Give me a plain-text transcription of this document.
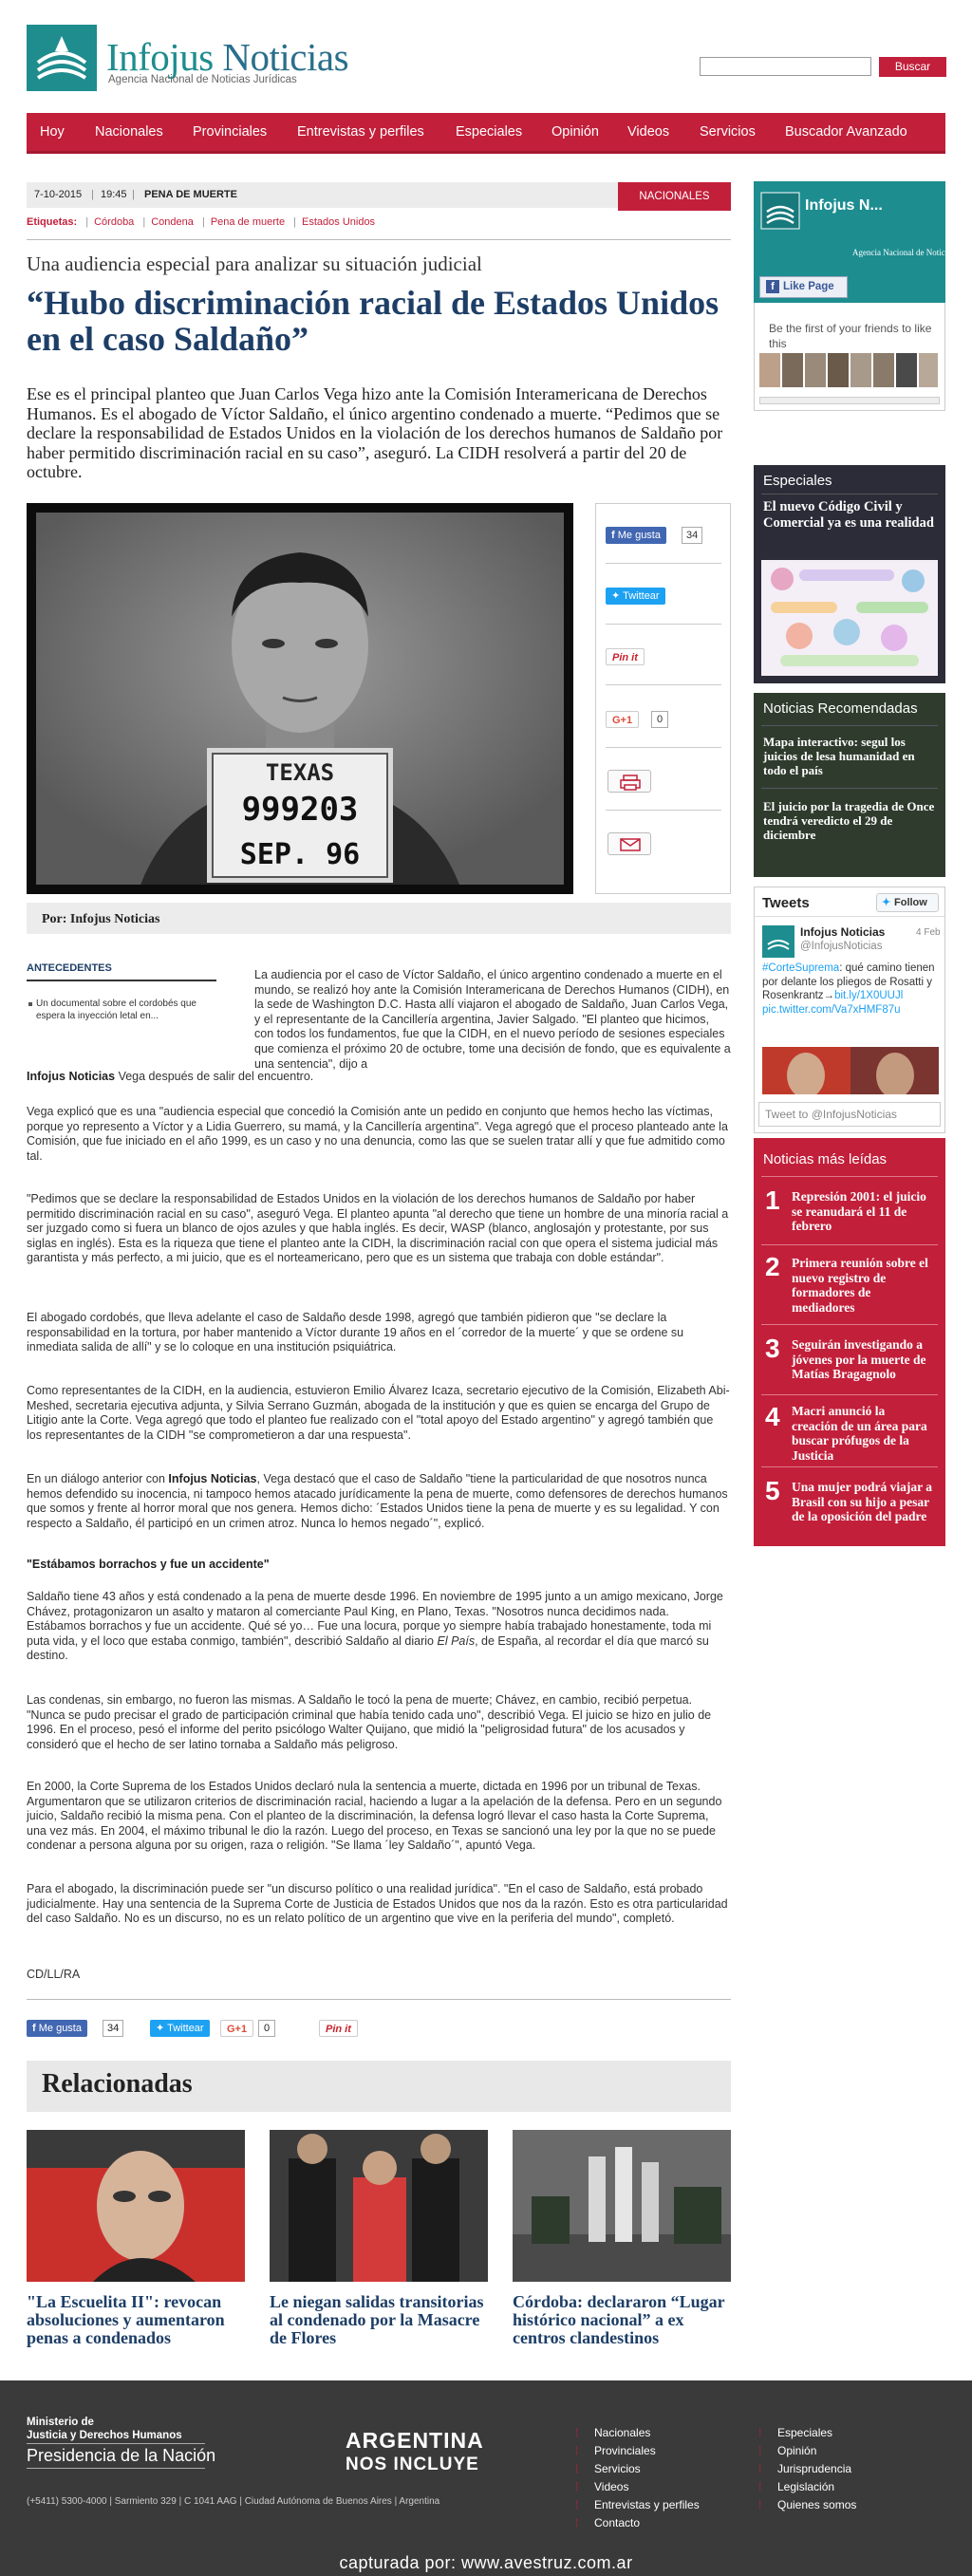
Infojus Noticias
Agencia Nacional de Noticias Jurídicas
Buscar
Hoy Nacionales Provinciales Entrevistas y perfiles Especiales Opinión Videos Servicios Buscador Avanzado
7-10-2015 | 19:45 | PENA DE MUERTE	NACIONALES
Etiquetas: | Córdoba | Condena | Pena de muerte | Estados Unidos
Una audiencia especial para analizar su situación judicial
“Hubo discriminación racial de Estados Unidos en el caso Saldaño”
Ese es el principal planteo que Juan Carlos Vega hizo ante la Comisión Interamericana de Derechos Humanos. Es el abogado de Víctor Saldaño, el único argentino condenado a muerte. “Pedimos que se declare la responsabilidad de Estados Unidos en la violación de los derechos humanos de Saldaño por haber permitido discriminación racial en su caso”, aseguró. La CIDH resolverá a partir del 20 de octubre.
TEXAS
999203
SEP. 96
f Me gusta	34
✦ Twittear
Pin it
G+1	0
Por: Infojus Noticias
ANTECEDENTES
Un documental sobre el cordobés que espera la inyección letal en...
La audiencia por el caso de Víctor Saldaño, el único argentino condenado a muerte en el mundo, se realizó hoy ante la Comisión Interamericana de Derechos Humanos (CIDH), en la sede de Washington D.C. Hasta allí viajaron el abogado de Saldaño, Juan Carlos Vega, y el representante de la Cancillería argentina, Javier Salgado. "El planteo que hicimos, con todos los fundamentos, fue que la CIDH, en el nuevo período de sesiones especiales que comienza el próximo 20 de octubre, tome una decisión de fondo, que es equivalente a una sentencia", dijo a
Infojus Noticias Vega después de salir del encuentro.
Vega explicó que es una "audiencia especial que concedió la Comisión ante un pedido en conjunto que hemos hecho las víctimas, porque yo represento a Víctor y a Lidia Guerrero, su mamá, y la Cancillería argentina". Vega agregó que el proceso planteado ante la Comisión, que fue iniciado en el año 1999, es un caso y no una denuncia, como las que se suelen tratar allí y que fue admitido como tal.
"Pedimos que se declare la responsabilidad de Estados Unidos en la violación de los derechos humanos de Saldaño por haber permitido discriminación racial en su caso", aseguró Vega. El planteo apunta "al derecho que tiene un hombre de una minoría racial a ser juzgado como si fuera un blanco de ojos azules y que habla inglés. Es decir, WASP (blanco, anglosajón y protestante, por sus siglas en inglés). Esta es la riqueza que tiene el planteo ante la CIDH, la discriminación racial con que opera el sistema judicial más garantista y más perfecto, a mi juicio, que es el norteamericano, pero que es un sistema que trabaja con doble estándar".
El abogado cordobés, que lleva adelante el caso de Saldaño desde 1998, agregó que también pidieron que "se declare la responsabilidad en la tortura, por haber mantenido a Víctor durante 19 años en el ´corredor de la muerte´ y que se ordene su inmediata salida de allí" y se lo coloque en una institución psiquiátrica.
Como representantes de la CIDH, en la audiencia, estuvieron Emilio Álvarez Icaza, secretario ejecutivo de la Comisión, Elizabeth Abi-Meshed, secretaria ejecutiva adjunta, y Silvia Serrano Guzmán, abogada de la institución y que es quien se encarga del Grupo de Litigio ante la Corte. Vega agregó que todo el planteo fue realizado con el "total apoyo del Estado argentino" y agregó también que los representantes de la CIDH "se comprometieron a dar una respuesta".
En un diálogo anterior con Infojus Noticias, Vega destacó que el caso de Saldaño "tiene la particularidad de que nosotros nunca hemos defendido su inocencia, ni tampoco hemos atacado jurídicamente la pena de muerte, como defensores de derechos humanos que somos y frente al horror moral que nos genera. Hemos dicho: ´Estados Unidos tiene la pena de muerte y es su legalidad. Y con respecto a Saldaño, él participó en un crimen atroz. Nunca lo hemos negado´", explicó.
"Estábamos borrachos y fue un accidente"
Saldaño tiene 43 años y está condenado a la pena de muerte desde 1996. En noviembre de 1995 junto a un amigo mexicano, Jorge Chávez, protagonizaron un asalto y mataron al comerciante Paul King, en Plano, Texas. "Nosotros nunca decidimos nada. Estábamos borrachos y fue un accidente. Qué sé yo… Fue una locura, porque yo siempre había trabajado honestamente, toda mi puta vida, y el loco que estaba conmigo, también", describió Saldaño al diario El País, de España, al recordar el día que marcó su destino.
Las condenas, sin embargo, no fueron las mismas. A Saldaño le tocó la pena de muerte; Chávez, en cambio, recibió perpetua. "Nunca se pudo precisar el grado de participación criminal que había tenido cada uno", describió Vega. El juicio se hizo en julio de 1996. En el proceso, pesó el informe del perito psicólogo Walter Quijano, que midió la "peligrosidad futura" de los acusados y consideró que el hecho de ser latino tornaba a Saldaño más peligroso.
En 2000, la Corte Suprema de los Estados Unidos declaró nula la sentencia a muerte, dictada en 1996 por un tribunal de Texas. Argumentaron que se utilizaron criterios de discriminación racial, haciendo a lugar a la apelación de la defensa. Pero en un segundo juicio, Saldaño recibió la misma pena. Con el planteo de la discriminación, la defensa logró llevar el caso hasta la Corte Suprema, una vez más. En 2004, el máximo tribunal le dio la razón. Luego del proceso, en Texas se sancionó una ley por la que no se puede condenar a persona alguna por su origen, raza o religión. "Se llama ´ley Saldaño´", apuntó Vega.
Para el abogado, la discriminación puede ser "un discurso político o una realidad jurídica". "En el caso de Saldaño, está probado judicialmente. Hay una sentencia de la Suprema Corte de Justicia de Estados Unidos que nos da la razón. Esto es otra particularidad del caso Saldaño. No es un discurso, no es un relato político de un argentino que vive en la periferia del mundo", completó.
CD/LL/RA
f Me gusta	34	✦ Twittear	G+1	0	Pin it
Relacionadas
"La Escuelita II": revocan absoluciones y aumentaron penas a condenados
Le niegan salidas transitorias al condenado por la Masacre de Flores
Córdoba: declararon “Lugar histórico nacional” a ex centros clandestinos
Infojus N...
Agencia Nacional de Noticias
f Like Page
Be the first of your friends to like this
Especiales
El nuevo Código Civil y Comercial ya es una realidad
Noticias Recomendadas
Mapa interactivo: segul los juicios de lesa humanidad en todo el país
El juicio por la tragedia de Once tendrá veredicto el 29 de diciembre
Tweets	✦ Follow
Infojus Noticias	4 Feb
@InfojusNoticias
#CorteSuprema: qué camino tienen por delante los pliegos de Rosatti y Rosenkrantz→bit.ly/1X0UUJl pic.twitter.com/Va7xHMF87u
Tweet to @InfojusNoticias
Noticias más leídas
1 Represión 2001: el juicio se reanudará el 11 de febrero
2 Primera reunión sobre el nuevo registro de formadores de mediadores
3 Seguirán investigando a jóvenes por la muerte de Matías Bragagnolo
4 Macri anunció la creación de un área para buscar prófugos de la Justicia
5 Una mujer podrá viajar a Brasil con su hijo a pesar de la oposición del padre
Ministerio de
Justicia y Derechos Humanos
Presidencia de la Nación
(+5411) 5300-4000 | Sarmiento 329 | C 1041 AAG | Ciudad Autónoma de Buenos Aires | Argentina
ARGENTINA
NOS INCLUYE
⁞ Nacionales
⁞ Provinciales
⁞ Servicios
⁞ Videos
⁞ Entrevistas y perfiles
⁞ Contacto
⁞ Especiales
⁞ Opinión
⁞ Jurisprudencia
⁞ Legislación
⁞ Quienes somos
capturada por: www.avestruz.com.ar
